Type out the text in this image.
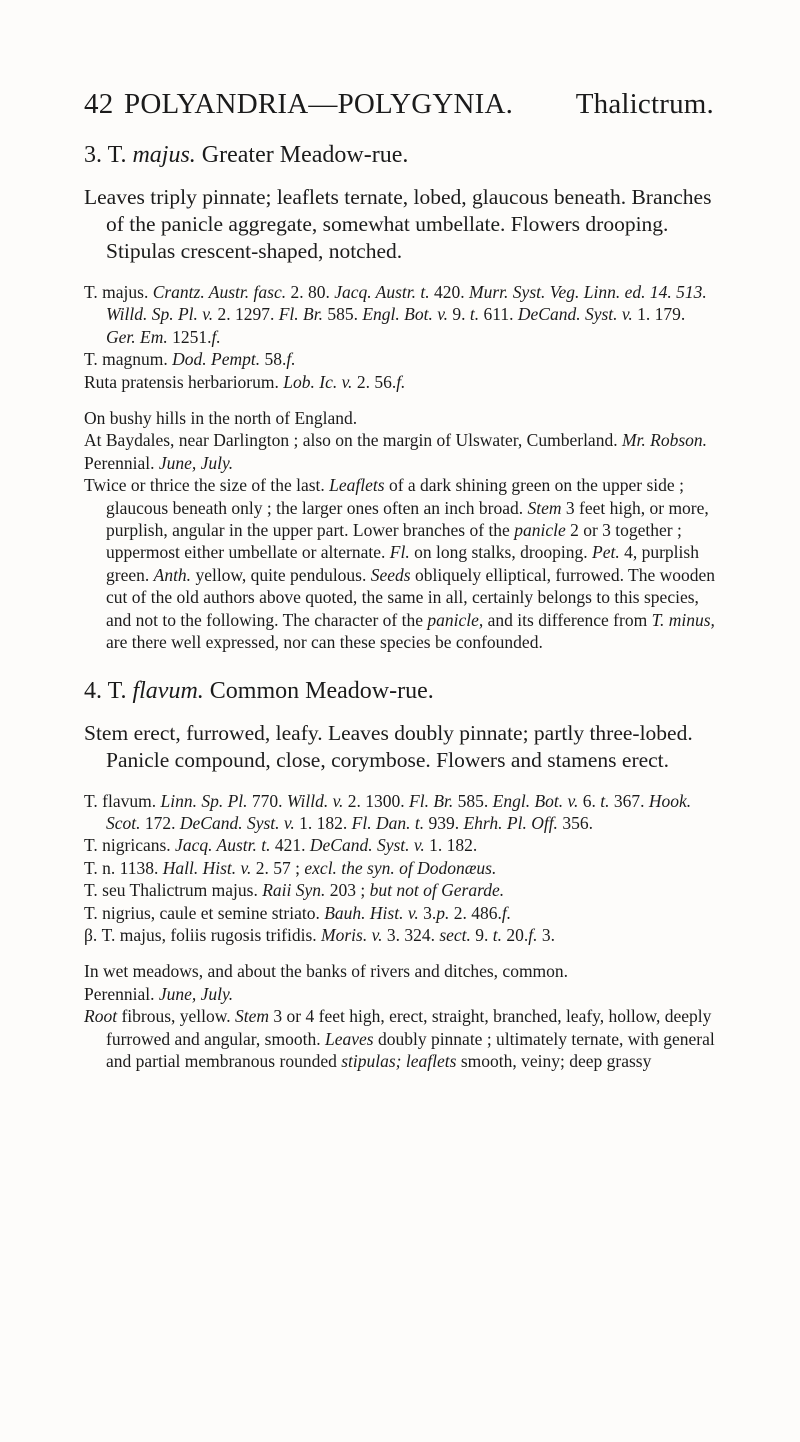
42 POLYANDRIA—POLYGYNIA. Thalictrum.

3. T. majus. Greater Meadow-rue.

Leaves triply pinnate; leaflets ternate, lobed, glaucous beneath. Branches of the panicle aggregate, somewhat umbellate. Flowers drooping. Stipulas crescent-shaped, notched.

T. majus. Crantz. Austr. fasc. 2. 80. Jacq. Austr. t. 420. Murr. Syst. Veg. Linn. ed. 14. 513. Willd. Sp. Pl. v. 2. 1297. Fl. Br. 585. Engl. Bot. v. 9. t. 611. DeCand. Syst. v. 1. 179. Ger. Em. 1251.f.
T. magnum. Dod. Pempt. 58.f.
Ruta pratensis herbariorum. Lob. Ic. v. 2. 56.f.

On bushy hills in the north of England.

At Baydales, near Darlington ; also on the margin of Ulswater, Cumberland. Mr. Robson.

Perennial. June, July.

Twice or thrice the size of the last. Leaflets of a dark shining green on the upper side ; glaucous beneath only ; the larger ones often an inch broad. Stem 3 feet high, or more, purplish, angular in the upper part. Lower branches of the panicle 2 or 3 together ; uppermost either umbellate or alternate. Fl. on long stalks, drooping. Pet. 4, purplish green. Anth. yellow, quite pendulous. Seeds obliquely elliptical, furrowed. The wooden cut of the old authors above quoted, the same in all, certainly belongs to this species, and not to the following. The character of the panicle, and its difference from T. minus, are there well expressed, nor can these species be confounded.

4. T. flavum. Common Meadow-rue.

Stem erect, furrowed, leafy. Leaves doubly pinnate; partly three-lobed. Panicle compound, close, corymbose. Flowers and stamens erect.

T. flavum. Linn. Sp. Pl. 770. Willd. v. 2. 1300. Fl. Br. 585. Engl. Bot. v. 6. t. 367. Hook. Scot. 172. DeCand. Syst. v. 1. 182. Fl. Dan. t. 939. Ehrh. Pl. Off. 356.
T. nigricans. Jacq. Austr. t. 421. DeCand. Syst. v. 1. 182.
T. n. 1138. Hall. Hist. v. 2. 57 ; excl. the syn. of Dodonæus.
T. seu Thalictrum majus. Raii Syn. 203 ; but not of Gerarde.
T. nigrius, caule et semine striato. Bauh. Hist. v. 3.p. 2. 486.f.
β. T. majus, foliis rugosis trifidis. Moris. v. 3. 324. sect. 9. t. 20.f. 3.

In wet meadows, and about the banks of rivers and ditches, common.

Perennial. June, July.

Root fibrous, yellow. Stem 3 or 4 feet high, erect, straight, branched, leafy, hollow, deeply furrowed and angular, smooth. Leaves doubly pinnate ; ultimately ternate, with general and partial membranous rounded stipulas; leaflets smooth, veiny; deep grassy
